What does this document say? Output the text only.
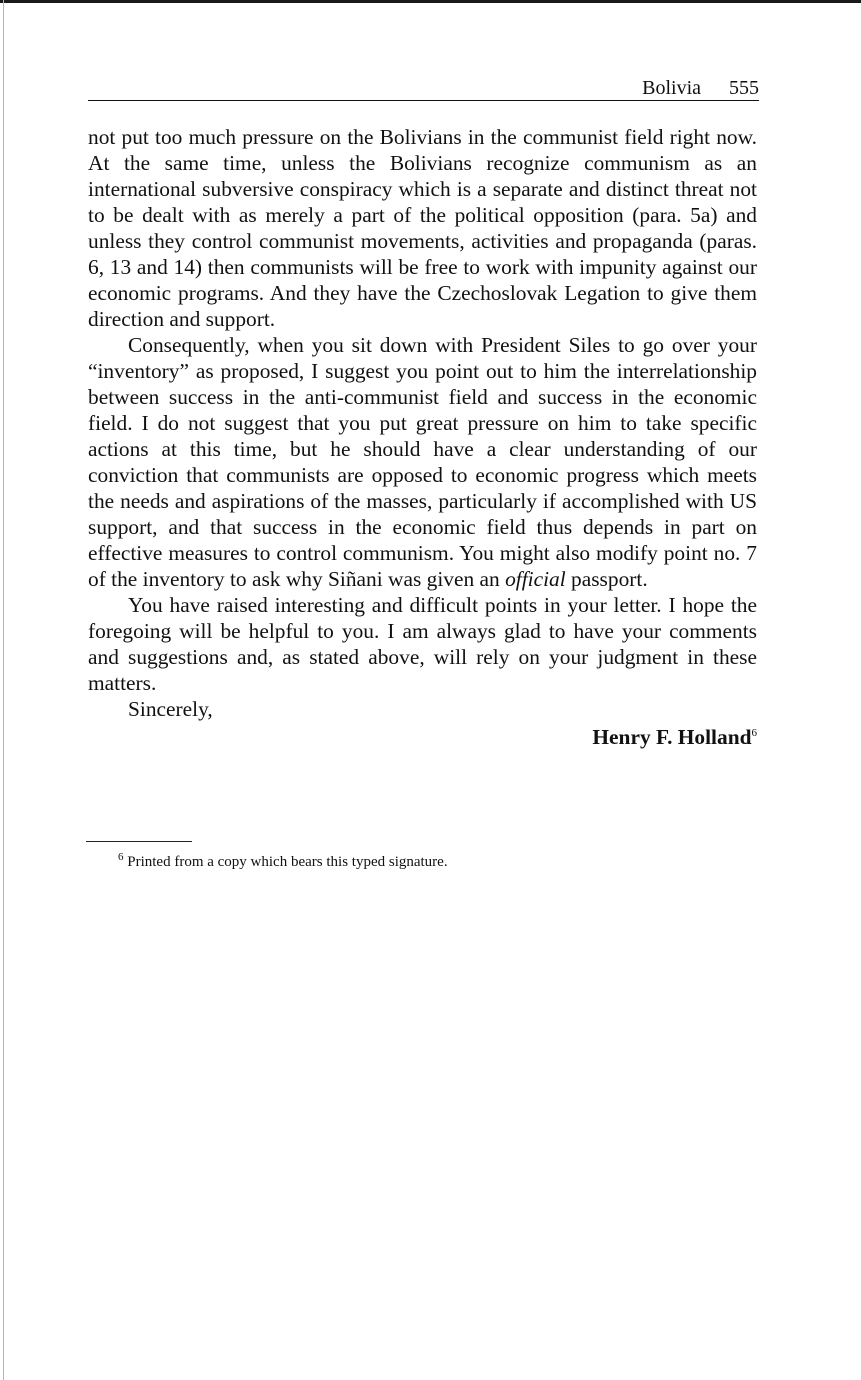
Bolivia 555

not put too much pressure on the Bolivians in the communist field right now. At the same time, unless the Bolivians recognize communism as an international subversive conspiracy which is a separate and distinct threat not to be dealt with as merely a part of the political opposition (para. 5a) and unless they control communist movements, activities and propaganda (paras. 6, 13 and 14) then communists will be free to work with impunity against our economic programs. And they have the Czechoslovak Legation to give them direction and support.

Consequently, when you sit down with President Siles to go over your “inventory” as proposed, I suggest you point out to him the interrelationship between success in the anti-communist field and success in the economic field. I do not suggest that you put great pressure on him to take specific actions at this time, but he should have a clear understanding of our conviction that communists are opposed to economic progress which meets the needs and aspirations of the masses, particularly if accomplished with US support, and that success in the economic field thus depends in part on effective measures to control communism. You might also modify point no. 7 of the inventory to ask why Siñani was given an official passport.

You have raised interesting and difficult points in your letter. I hope the foregoing will be helpful to you. I am always glad to have your comments and suggestions and, as stated above, will rely on your judgment in these matters.

Sincerely,

Henry F. Holland$^6$

$^6$ Printed from a copy which bears this typed signature.
